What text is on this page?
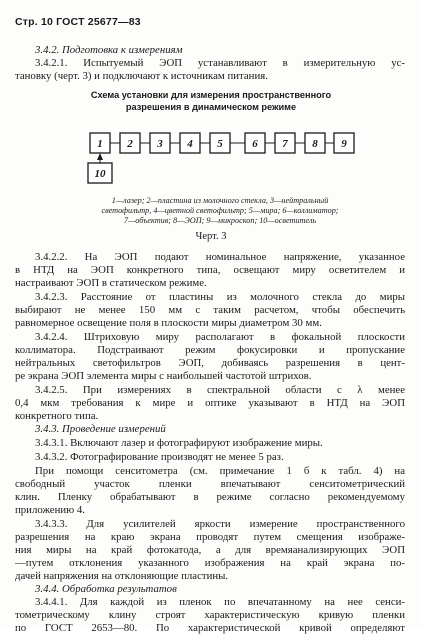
Стр. 10 ГОСТ 25677—83
3.4.2. Подготовка к измерениям
3.4.2.1. Испытуемый ЭОП устанавливают в измерительную ус-
тановку (черт. 3) и подключают к источникам питания.
Схема установки для измерения пространственного
разрешения в динамическом режиме
1 2 3 4 5	6 7 8 9
10
1—лазер; 2—пластина из молочного стекла, 3—нейтральный
светофильтр, 4—цветной светофильтр; 5—мира; 6—коллиматор;
7—объектив; 8—ЭОП; 9—микроскоп; 10—осветитель
Черт. 3
3.4.2.2. На ЭОП подают номинальное напряжение, указанное
в НТД на ЭОП конкретного типа, освещают миру осветителем и
настраивают ЭОП в статическом режиме.
3.4.2.3. Расстояние от пластины из молочного стекла до миры
выбирают не менее 150 мм с таким расчетом, чтобы обеспечить
равномерное освещение поля в плоскости миры диаметром 30 мм.
3.4.2.4. Штриховую миру располагают в фокальной плоскости
коллиматора. Подстраивают режим фокусировки и пропускание
нейтральных светофильтров ЭОП, добиваясь разрешения в цент-
ре экрана ЭОП элемента миры с наибольшей частотой штрихов.
3.4.2.5. При измерениях в спектральной области с λ менее
0,4 мкм требования к мире и оптике указывают в НТД на ЭОП
конкретного типа.
3.4.3. Проведение измерений
3.4.3.1. Включают лазер и фотографируют изображение миры.
3.4.3.2. Фотографирование производят не менее 5 раз.
При помощи сенситометра (см. примечание 1 б к табл. 4) на
свободный участок пленки впечатывают сенситометрический
клин. Пленку обрабатывают в режиме согласно рекомендуемому
приложению 4.
3.4.3.3. Для усилителей яркости измерение пространственного
разрешения на краю экрана проводят путем смещения изображе-
ния миры на край фотокатода, а для времяанализирующих ЭОП
—путем отклонения указанного изображения на край экрана по-
дачей напряжения на отклоняющие пластины.
3.4.4. Обработка результатов
3.4.4.1. Для каждой из пленок по впечатанному на нее сенси-
тометрическому клину строят характеристическую кривую пленки
по ГОСТ 2653—80. По характеристической кривой определяют
